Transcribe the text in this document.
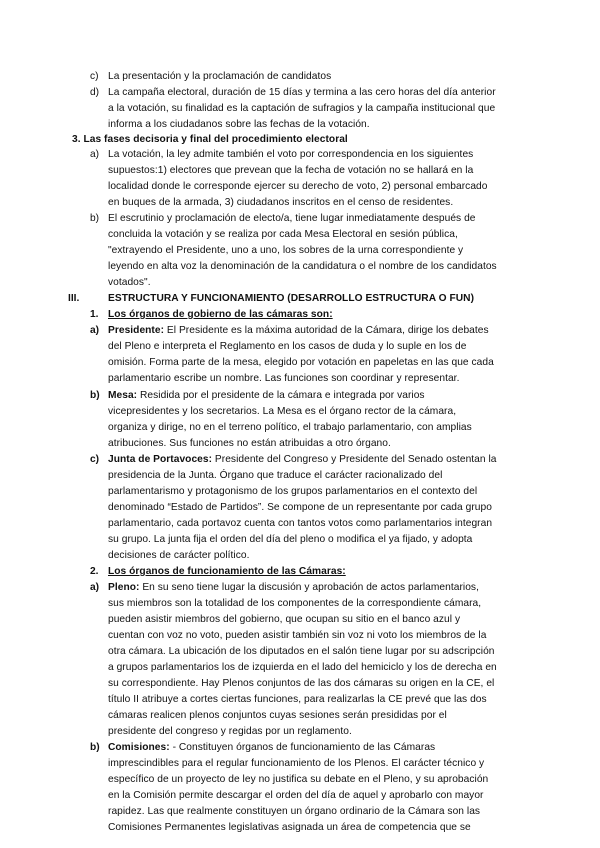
c) La presentación y la proclamación de candidatos
d) La campaña electoral, duración de 15 días y termina a las cero horas del día anterior
a la votación, su finalidad es la captación de sufragios y la campaña institucional que
informa a los ciudadanos sobre las fechas de la votación.
3. Las fases decisoria y final del procedimiento electoral
a) La votación, la ley admite también el voto por correspondencia en los siguientes
supuestos:1) electores que prevean que la fecha de votación no se hallará en la
localidad donde le corresponde ejercer su derecho de voto, 2) personal embarcado
en buques de la armada, 3) ciudadanos inscritos en el censo de residentes.
b) El escrutinio y proclamación de electo/a, tiene lugar inmediatamente después de
concluida la votación y se realiza por cada Mesa Electoral en sesión pública,
"extrayendo el Presidente, uno a uno, los sobres de la urna correspondiente y
leyendo en alta voz la denominación de la candidatura o el nombre de los candidatos
votados".
III.	ESTRUCTURA Y FUNCIONAMIENTO (DESARROLLO ESTRUCTURA O FUN)
1. Los órganos de gobierno de las cámaras son:
a) Presidente: El Presidente es la máxima autoridad de la Cámara, dirige los debates
del Pleno e interpreta el Reglamento en los casos de duda y lo suple en los de
omisión. Forma parte de la mesa, elegido por votación en papeletas en las que cada
parlamentario escribe un nombre. Las funciones son coordinar y representar.
b) Mesa: Residida por el presidente de la cámara e integrada por varios
vicepresidentes y los secretarios. La Mesa es el órgano rector de la cámara,
organiza y dirige, no en el terreno político, el trabajo parlamentario, con amplias
atribuciones. Sus funciones no están atribuidas a otro órgano.
c) Junta de Portavoces: Presidente del Congreso y Presidente del Senado ostentan la
presidencia de la Junta. Órgano que traduce el carácter racionalizado del
parlamentarismo y protagonismo de los grupos parlamentarios en el contexto del
denominado “Estado de Partidos”. Se compone de un representante por cada grupo
parlamentario, cada portavoz cuenta con tantos votos como parlamentarios integran
su grupo. La junta fija el orden del día del pleno o modifica el ya fijado, y adopta
decisiones de carácter político.
2. Los órganos de funcionamiento de las Cámaras:
a) Pleno: En su seno tiene lugar la discusión y aprobación de actos parlamentarios,
sus miembros son la totalidad de los componentes de la correspondiente cámara,
pueden asistir miembros del gobierno, que ocupan su sitio en el banco azul y
cuentan con voz no voto, pueden asistir también sin voz ni voto los miembros de la
otra cámara. La ubicación de los diputados en el salón tiene lugar por su adscripción
a grupos parlamentarios los de izquierda en el lado del hemiciclo y los de derecha en
su correspondiente. Hay Plenos conjuntos de las dos cámaras su origen en la CE, el
título II atribuye a cortes ciertas funciones, para realizarlas la CE prevé que las dos
cámaras realicen plenos conjuntos cuyas sesiones serán presididas por el
presidente del congreso y regidas por un reglamento.
b) Comisiones: - Constituyen órganos de funcionamiento de las Cámaras
imprescindibles para el regular funcionamiento de los Plenos. El carácter técnico y
específico de un proyecto de ley no justifica su debate en el Pleno, y su aprobación
en la Comisión permite descargar el orden del día de aquel y aprobarlo con mayor
rapidez. Las que realmente constituyen un órgano ordinario de la Cámara son las
Comisiones Permanentes legislativas asignada un área de competencia que se
